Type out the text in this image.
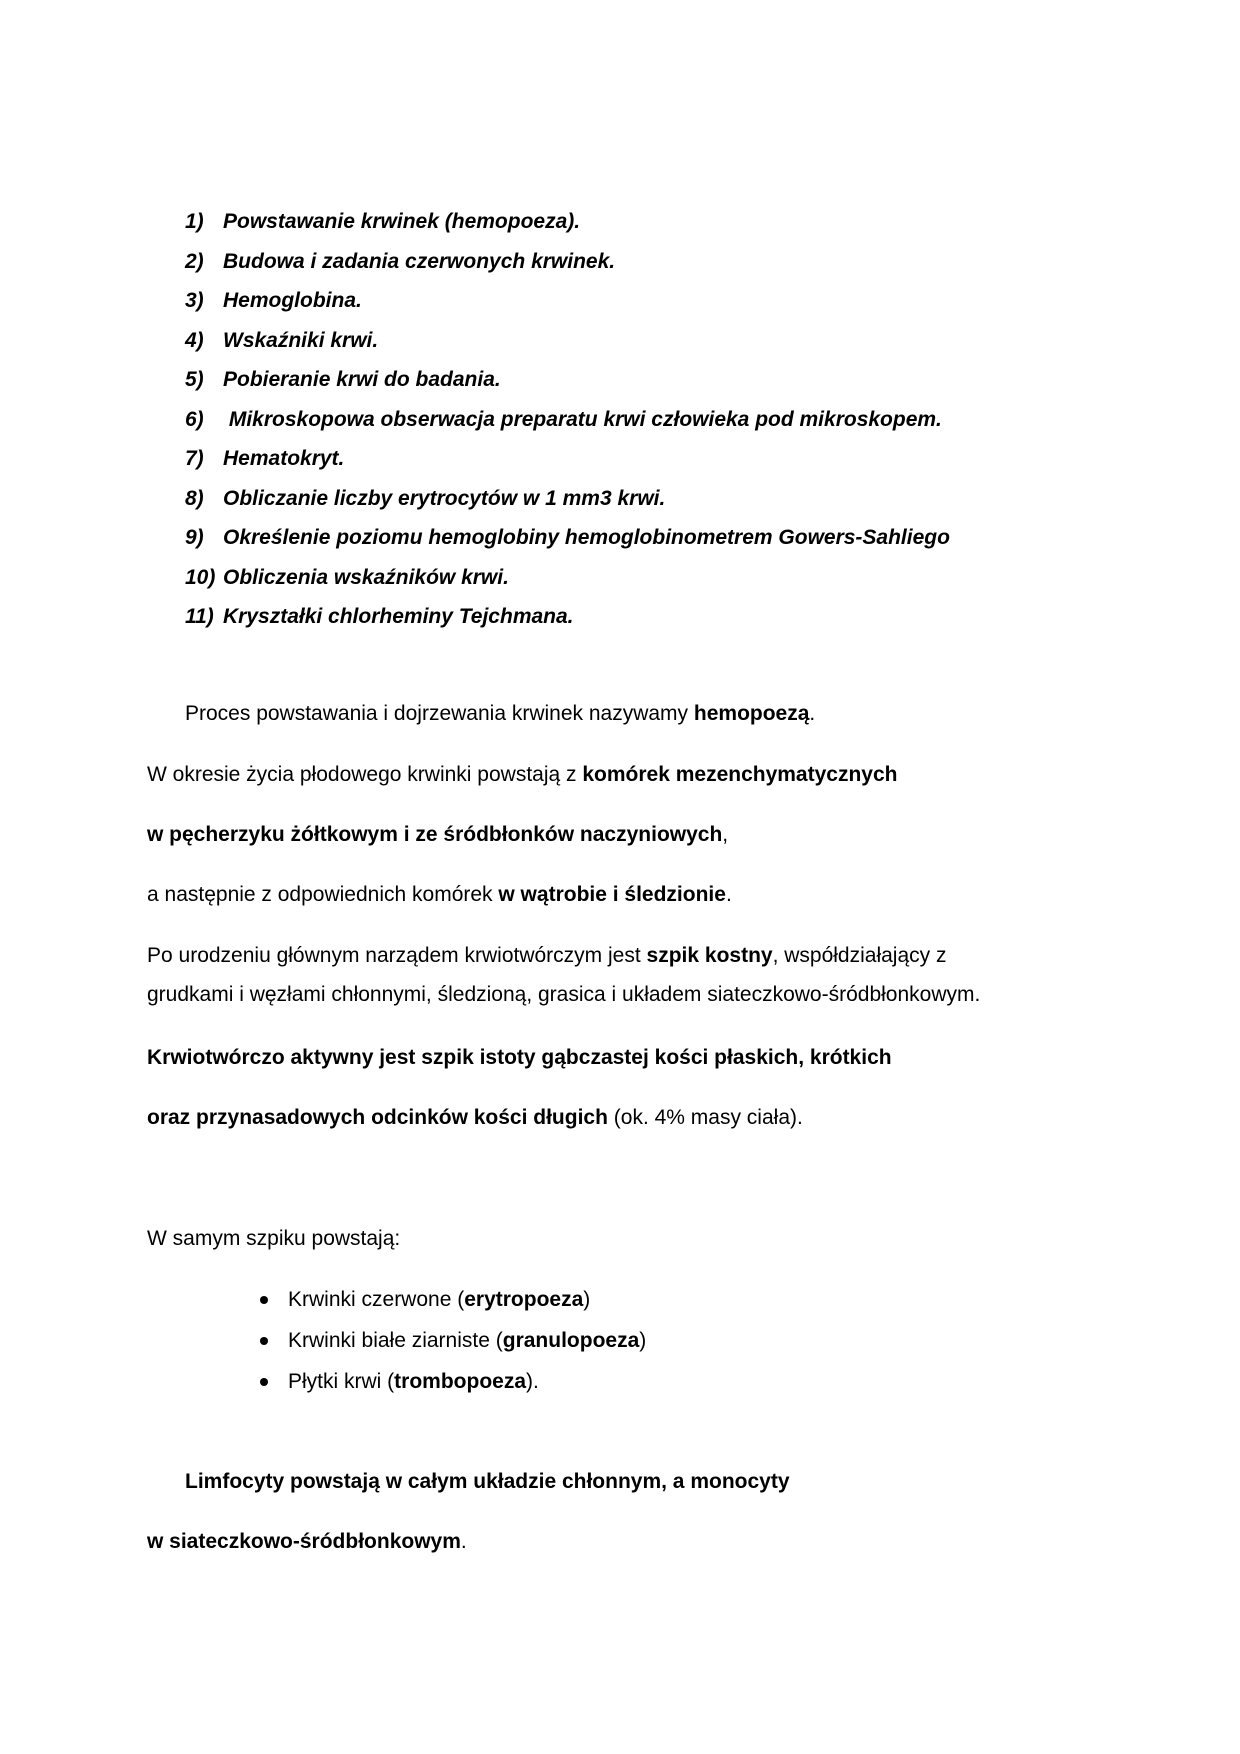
1) Powstawanie krwinek (hemopoeza).
2) Budowa i zadania czerwonych krwinek.
3) Hemoglobina.
4) Wskaźniki krwi.
5) Pobieranie krwi do badania.
6) Mikroskopowa obserwacja preparatu krwi człowieka pod mikroskopem.
7) Hematokryt.
8) Obliczanie liczby erytrocytów w 1 mm3 krwi.
9) Określenie poziomu hemoglobiny hemoglobinometrem Gowers-Sahliego
10) Obliczenia wskaźników krwi.
11) Kryształki chlorheminy Tejchmana.
Proces powstawania i dojrzewania krwinek nazywamy hemopoezą.
W okresie życia płodowego krwinki powstają z komórek mezenchymatycznych
w pęcherzyku żółtkowym i ze śródbłonków naczyniowych,
a następnie z odpowiednich komórek w wątrobie i śledzionie.
Po urodzeniu głównym narządem krwiotwórczym jest szpik kostny, współdziałający z
grudkami i węzłami chłonnymi, śledzioną, grasica i układem siateczkowo-śródbłonkowym.
Krwiotwórczo aktywny jest szpik istoty gąbczastej kości płaskich, krótkich
oraz przynasadowych odcinków kości długich (ok. 4% masy ciała).
W samym szpiku powstają:
Krwinki czerwone (erytropoeza)
Krwinki białe ziarniste (granulopoeza)
Płytki krwi (trombopoeza).
Limfocyty powstają w całym układzie chłonnym, a monocyty
w siateczkowo-śródbłonkowym.
